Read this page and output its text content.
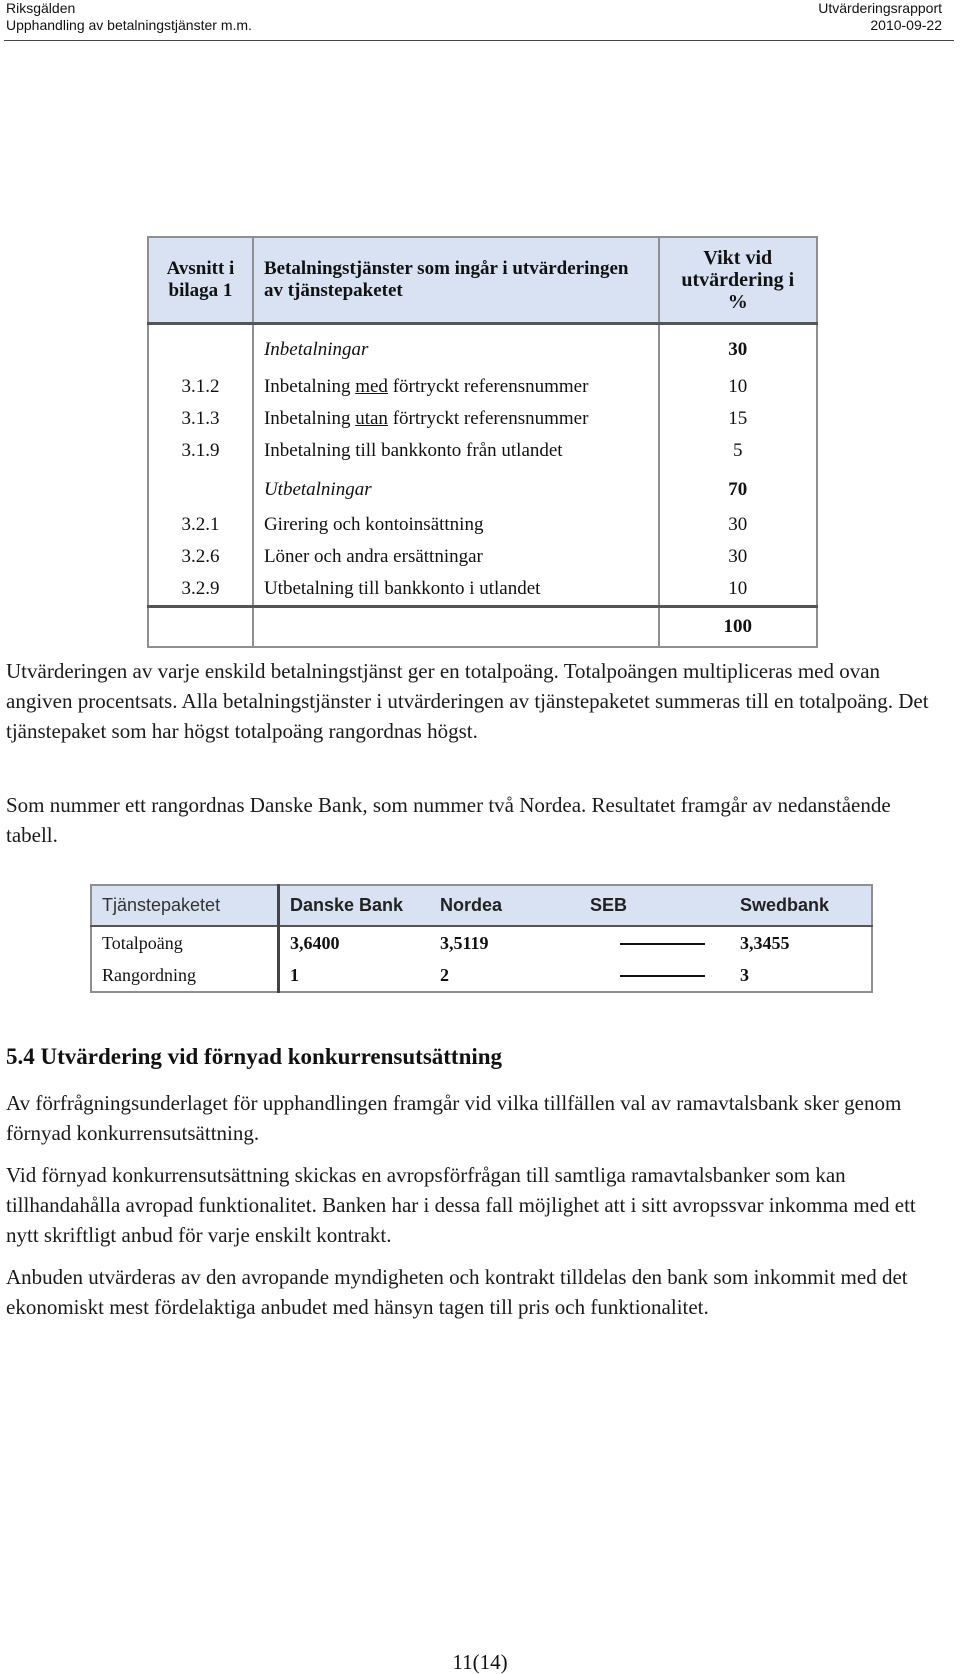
Riksgälden
Upphandling av betalningstjänster m.m.
Utvärderingsrapport
2010-09-22
Avsnitt i bilaga 1	Betalningstjänster som ingår i utvärderingen av tjänstepaketet	Vikt vid utvärdering i %
	Inbetalningar	30
3.1.2	Inbetalning med förtryckt referensnummer	10
3.1.3	Inbetalning utan förtryckt referensnummer	15
3.1.9	Inbetalning till bankkonto från utlandet	5
	Utbetalningar	70
3.2.1	Girering och kontoinsättning	30
3.2.6	Löner och andra ersättningar	30
3.2.9	Utbetalning till bankkonto i utlandet	10
		100

Utvärderingen av varje enskild betalningstjänst ger en totalpoäng. Totalpoängen multipliceras med ovan angiven procentsats. Alla betalningstjänster i utvärderingen av tjänstepaketet summeras till en totalpoäng. Det tjänstepaket som har högst totalpoäng rangordnas högst.

Som nummer ett rangordnas Danske Bank, som nummer två Nordea. Resultatet framgår av nedanstående tabell.

Tjänstepaketet	Danske Bank	Nordea	SEB	Swedbank
Totalpoäng	3,6400	3,5119		3,3455
Rangordning	1	2		3
5.4 Utvärdering vid förnyad konkurrensutsättning

Av förfrågningsunderlaget för upphandlingen framgår vid vilka tillfällen val av ramavtalsbank sker genom förnyad konkurrensutsättning.

Vid förnyad konkurrensutsättning skickas en avropsförfrågan till samtliga ramavtalsbanker som kan tillhandahålla avropad funktionalitet. Banken har i dessa fall möjlighet att i sitt avropssvar inkomma med ett nytt skriftligt anbud för varje enskilt kontrakt.

Anbuden utvärderas av den avropande myndigheten och kontrakt tilldelas den bank som inkommit med det ekonomiskt mest fördelaktiga anbudet med hänsyn tagen till pris och funktionalitet.

11(14)
